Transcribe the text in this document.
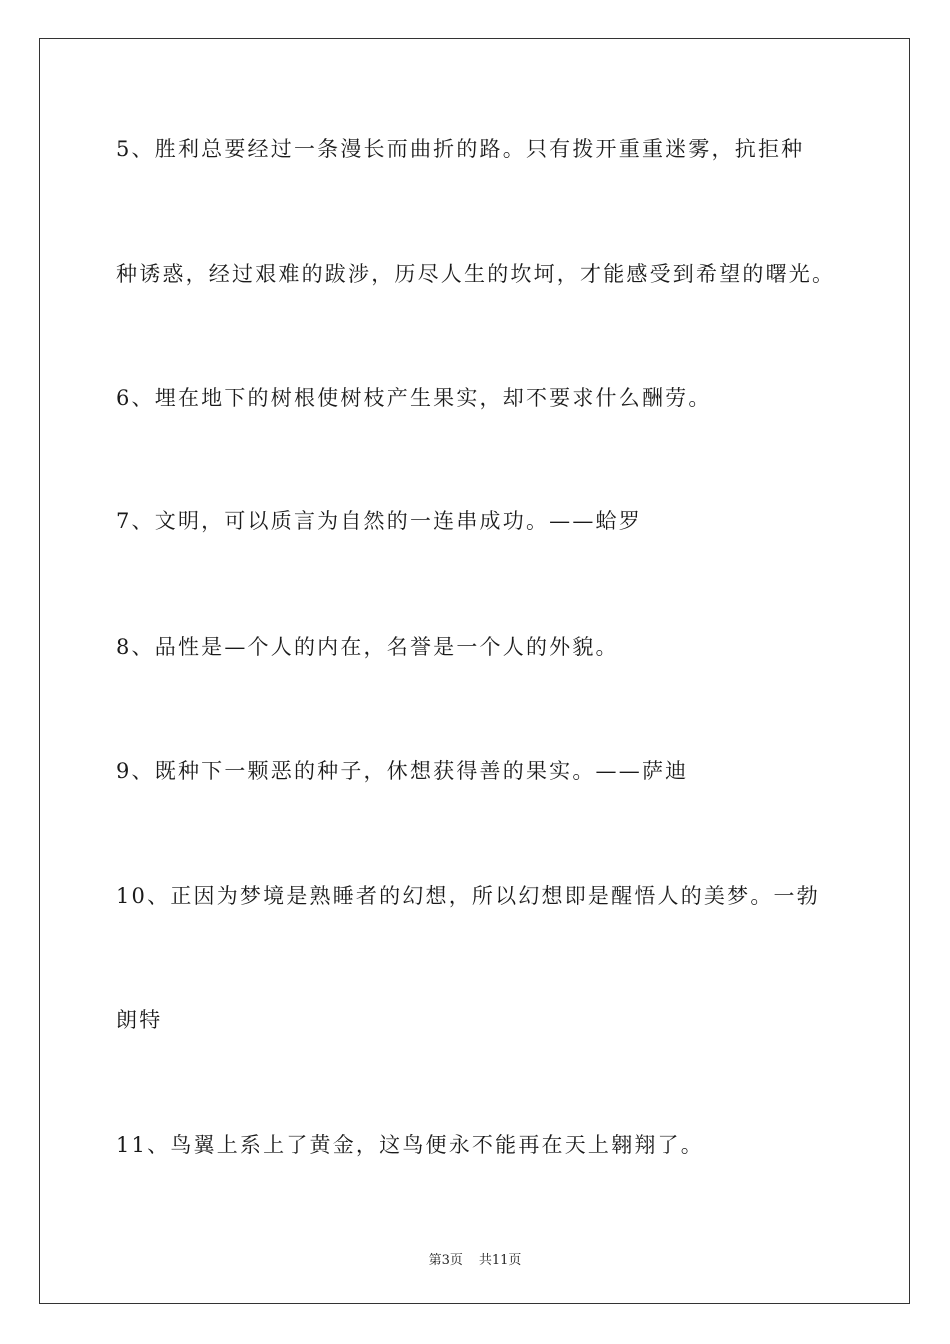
5、胜利总要经过一条漫长而曲折的路。只有拨开重重迷雾，抗拒种
种诱惑，经过艰难的跋涉，历尽人生的坎坷，才能感受到希望的曙光。
6、埋在地下的树根使树枝产生果实，却不要求什么酬劳。
7、文明，可以质言为自然的一连串成功。——蛤罗
8、品性是—个人的内在，名誉是一个人的外貌。
9、既种下一颗恶的种子，休想获得善的果实。——萨迪
10、正因为梦境是熟睡者的幻想，所以幻想即是醒悟人的美梦。一勃
朗特
11、鸟翼上系上了黄金，这鸟便永不能再在天上翱翔了。
第3页 共11页
